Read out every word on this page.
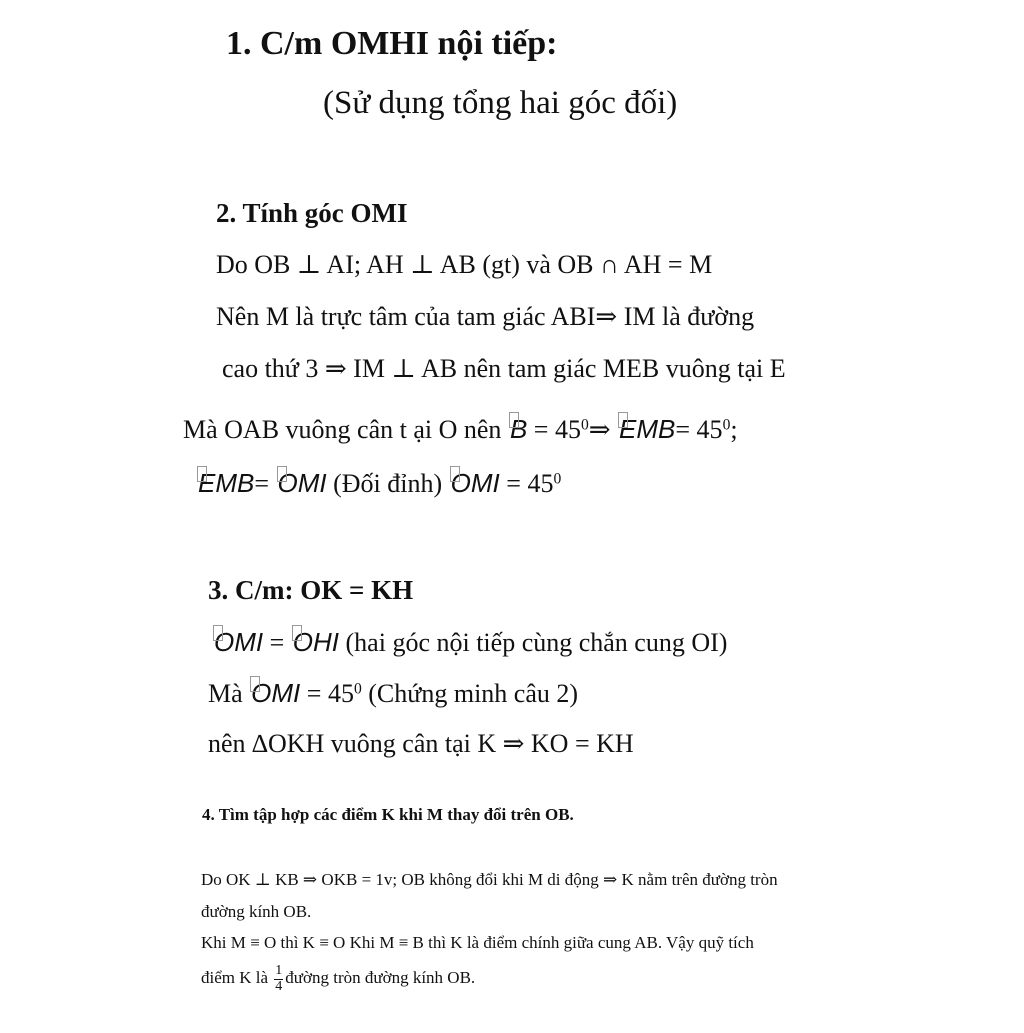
1. C/m OMHI nội tiếp:
(Sử dụng tổng hai góc đối)
2. Tính góc OMI
Do OB ⊥ AI; AH ⊥ AB (gt) và OB ∩ AH = M
Nên M là trực tâm của tam giác ABI⇒ IM là đường
cao thứ 3 ⇒ IM ⊥ AB nên tam giác MEB vuông tại E
Mà OAB vuông cân t ại O nên $B = 45^0\Rightarrow$ $EMB= 45^0$;
EMB= OMI (Đối đỉnh) OMI = $45^0$
3. C/m: OK = KH
OMI = OHI (hai góc nội tiếp cùng chắn cung OI)
Mà OMI = $45^0$ (Chứng minh câu 2)
nên ∆OKH vuông cân tại K ⇒ KO = KH
4. Tìm tập hợp các điểm K khi M thay đổi trên OB.
Do OK ⊥ KB ⇒ OKB = 1v; OB không đổi khi M di động ⇒ K nằm trên đường tròn
đường kính OB.
Khi M ≡ O thì K ≡ O Khi M ≡ B thì K là điểm chính giữa cung AB. Vậy quỹ tích
điểm K là $\frac{1}{4}$ đường tròn đường kính OB.
